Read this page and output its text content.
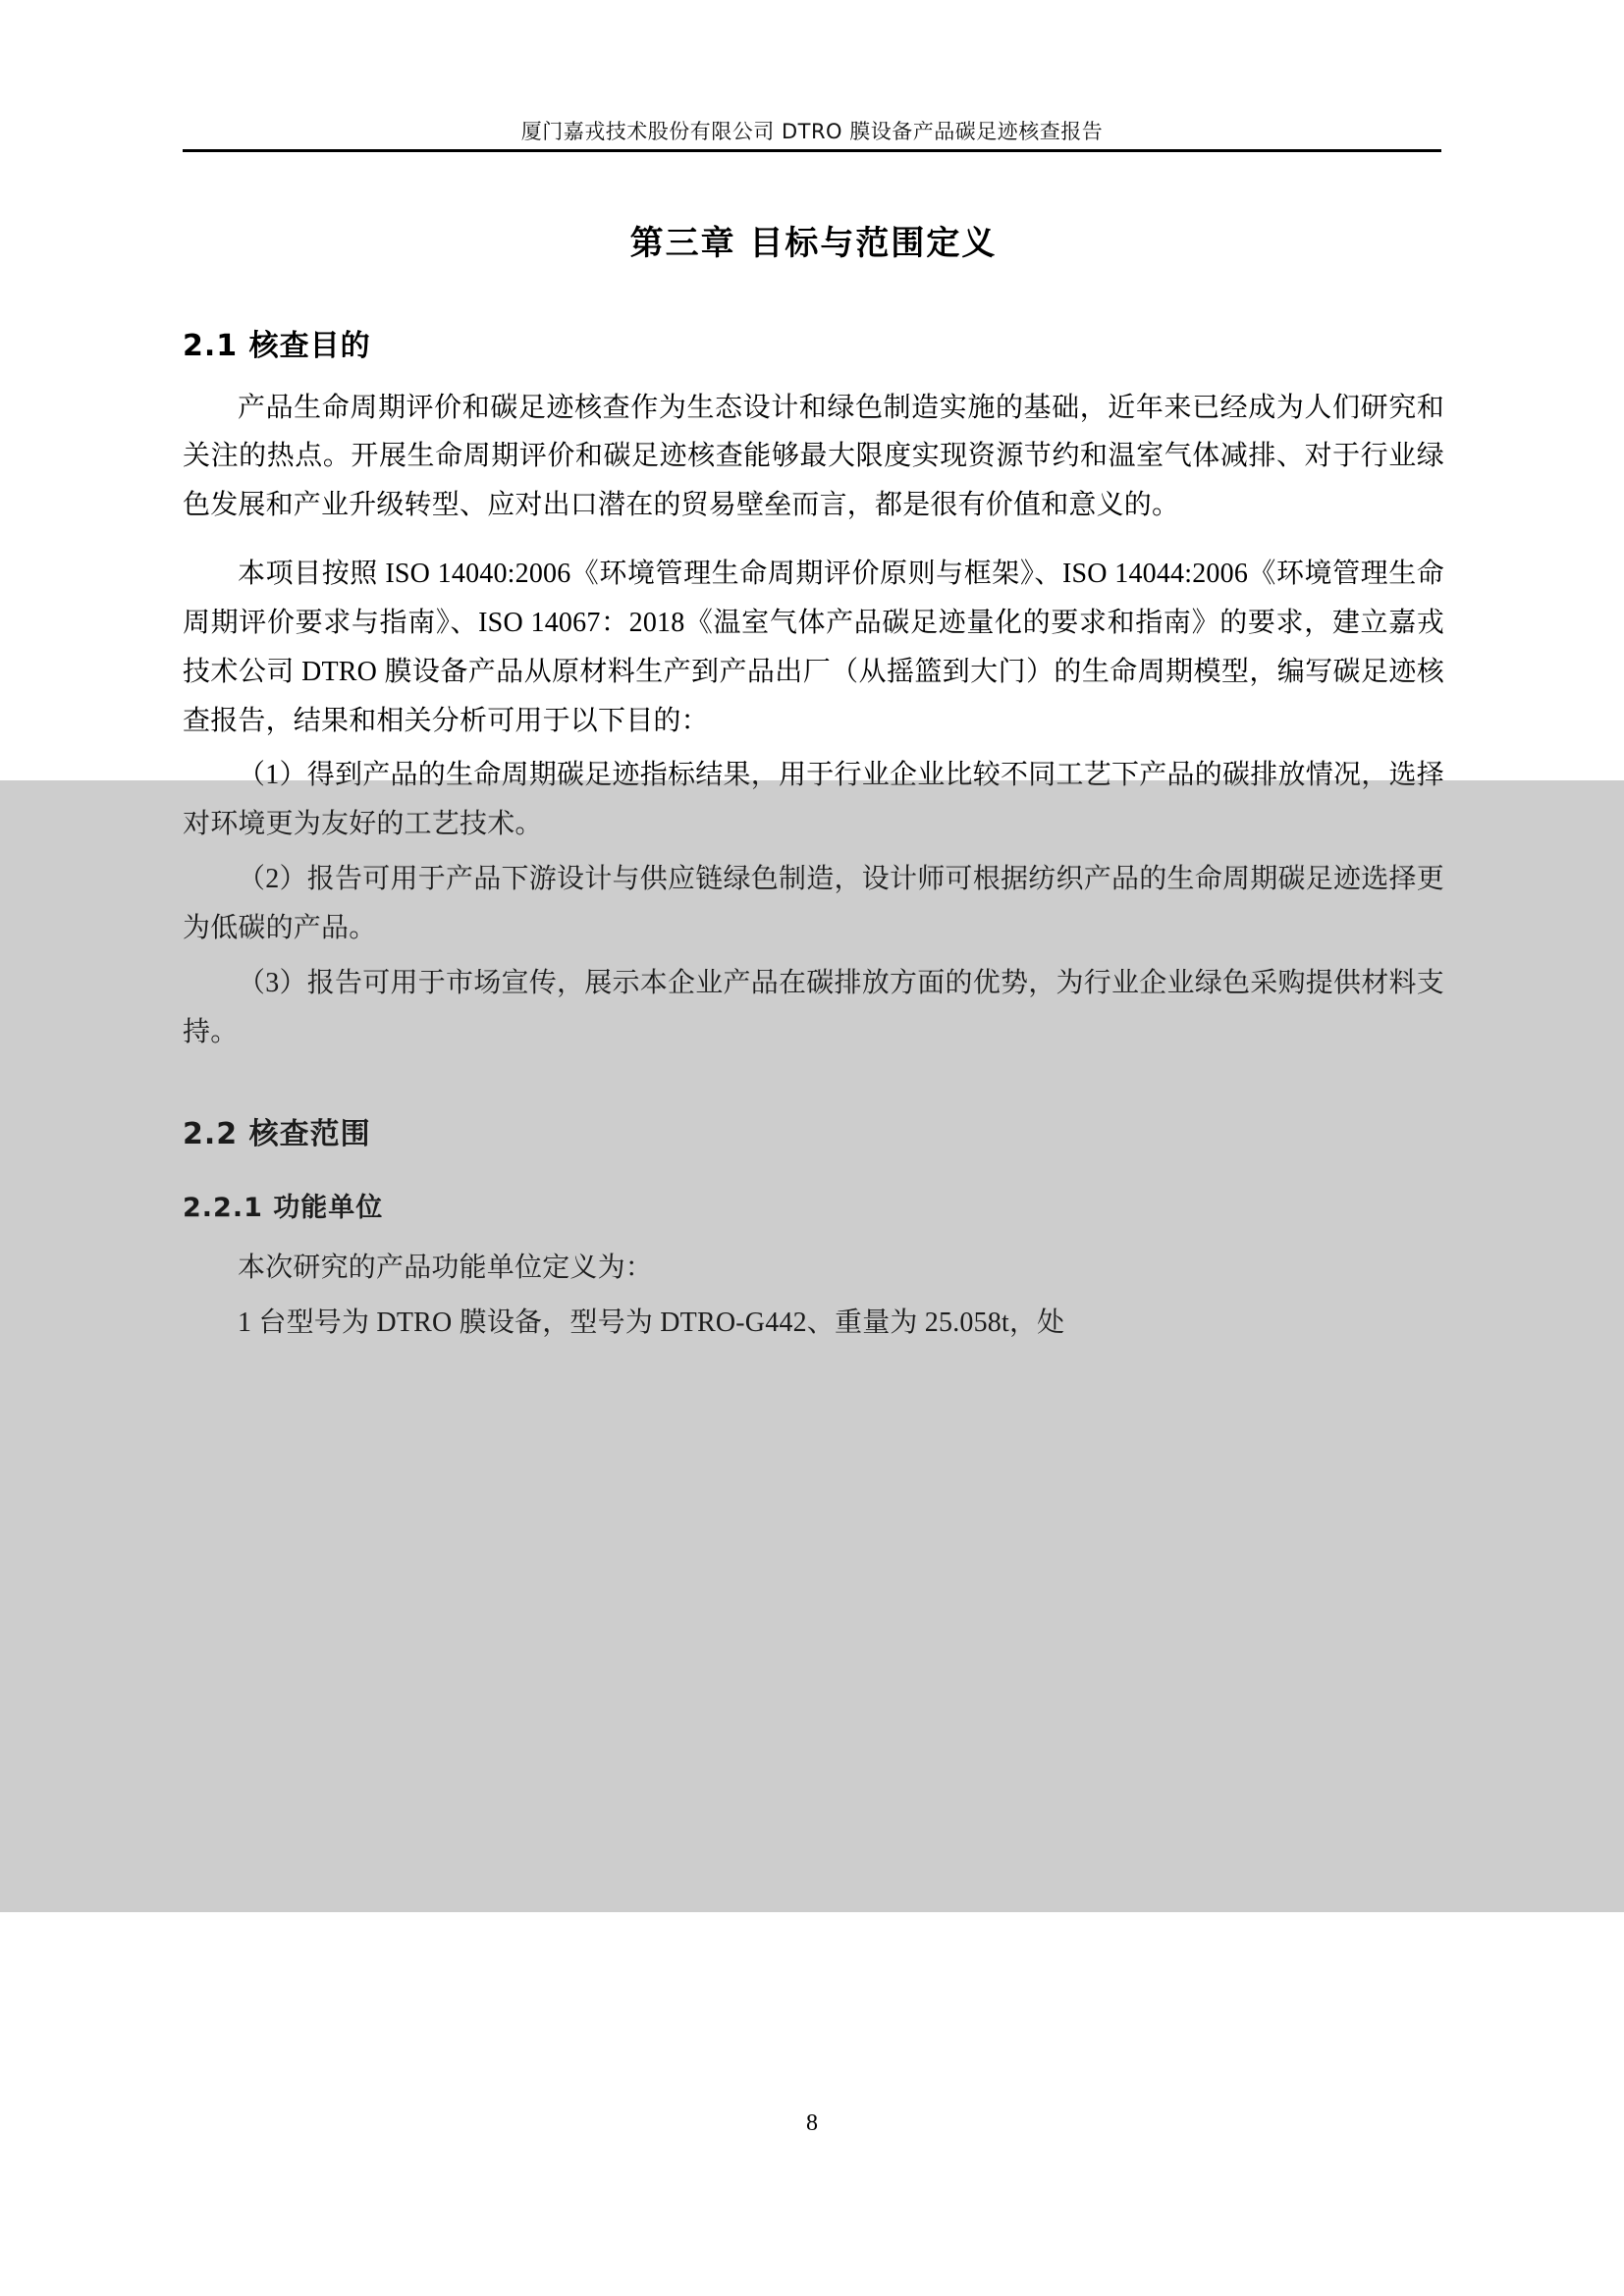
厦门嘉戎技术股份有限公司 DTRO 膜设备产品碳足迹核查报告
第三章 目标与范围定义
2.1 核查目的

产品生命周期评价和碳足迹核查作为生态设计和绿色制造实施的基础，近年来已经成为人们研究和关注的热点。开展生命周期评价和碳足迹核查能够最大限度实现资源节约和温室气体减排、对于行业绿色发展和产业升级转型、应对出口潜在的贸易壁垒而言，都是很有价值和意义的。

本项目按照 ISO 14040:2006《环境管理生命周期评价原则与框架》、ISO 14044:2006《环境管理生命周期评价要求与指南》、ISO 14067：2018《温室气体产品碳足迹量化的要求和指南》的要求，建立嘉戎技术公司 DTRO 膜设备产品从原材料生产到产品出厂（从摇篮到大门）的生命周期模型，编写碳足迹核查报告，结果和相关分析可用于以下目的：

（1）得到产品的生命周期碳足迹指标结果，用于行业企业比较不同工艺下产品的碳排放情况，选择对环境更为友好的工艺技术。

（2）报告可用于产品下游设计与供应链绿色制造，设计师可根据纺织产品的生命周期碳足迹选择更为低碳的产品。

（3）报告可用于市场宣传，展示本企业产品在碳排放方面的优势，为行业企业绿色采购提供材料支持。

2.2 核查范围
2.2.1 功能单位

本次研究的产品功能单位定义为：

1 台型号为 DTRO 膜设备，型号为 DTRO-G442、重量为 25.058t，处

8
